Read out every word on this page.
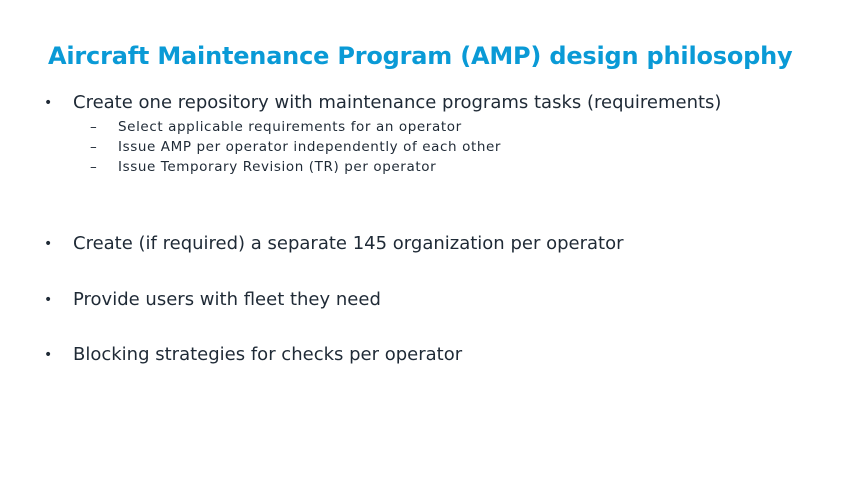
Aircraft Maintenance Program (AMP) design philosophy
•	Create one repository with maintenance programs tasks (requirements)
–	Select applicable requirements for an operator
–	Issue AMP per operator independently of each other
–	Issue Temporary Revision (TR) per operator
•	Create (if required) a separate 145 organization per operator
•	Provide users with fleet they need
•	Blocking strategies for checks per operator
